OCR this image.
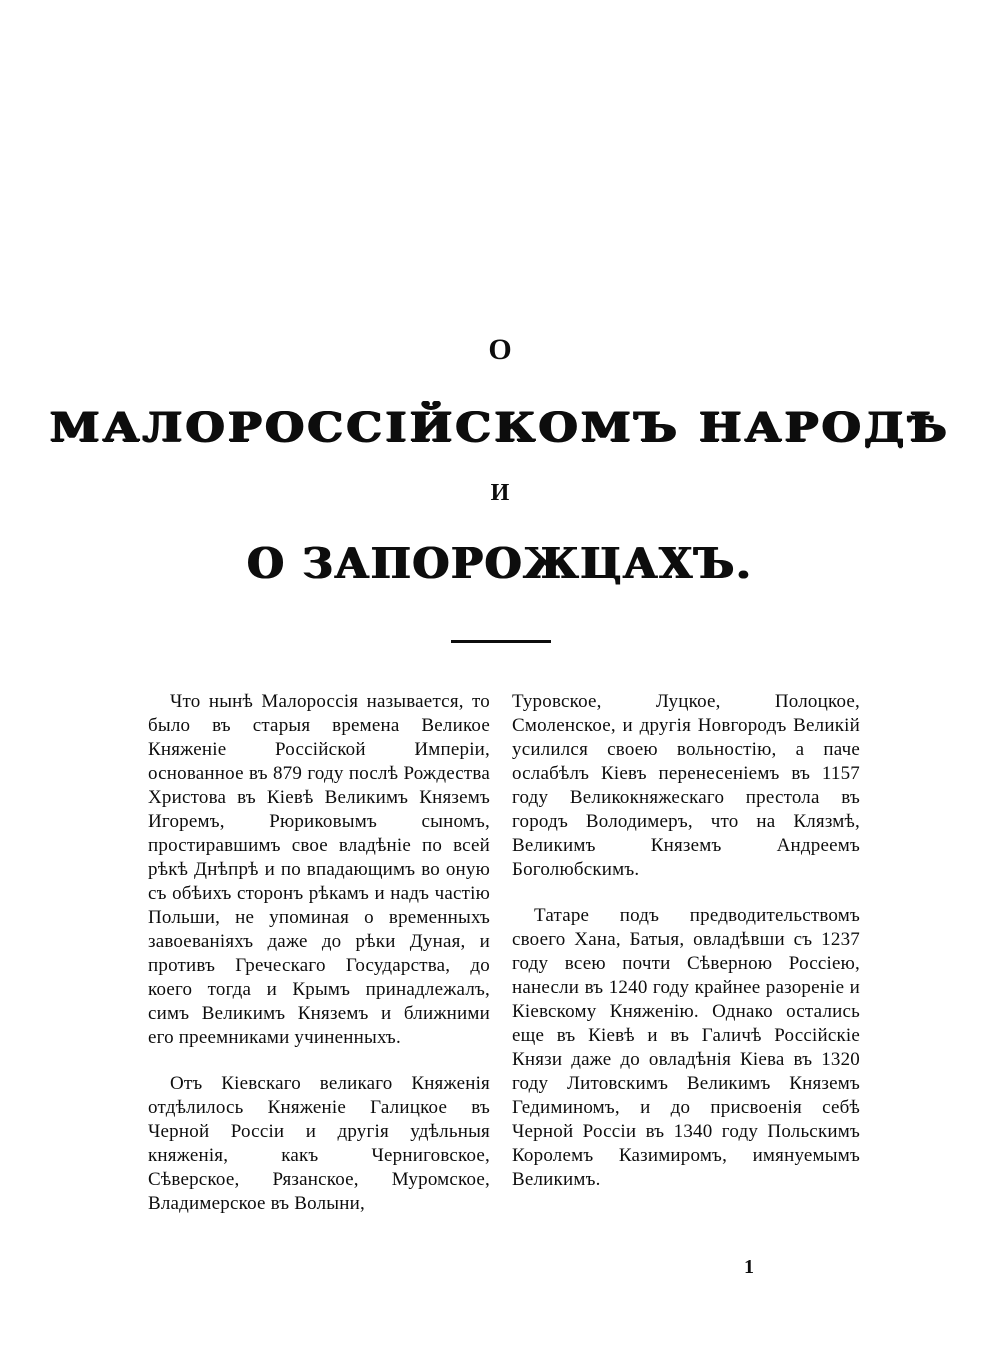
О
МАЛОРОССІЙСКОМЪ НАРОДѢ
И
О ЗАПОРОЖЦАХЪ.

Что нынѣ Малороссія называется, то было въ старыя времена Великое Княженіе Россійской Имперіи, основанное въ 879 году послѣ Рождества Христова въ Кіевѣ Великимъ Княземъ Игоремъ, Рюриковымъ сыномъ, простиравшимъ свое владѣніе по всей рѣкѣ Днѣпрѣ и по впадающимъ во оную съ обѣихъ сторонъ рѣкамъ и надъ частію Польши, не упоминая о временныхъ завоеваніяхъ даже до рѣки Дуная, и противъ Греческаго Государства, до коего тогда и Крымъ принадлежалъ, симъ Великимъ Княземъ и ближними его преемниками учиненныхъ.

Отъ Кіевскаго великаго Княженія отдѣлилось Княженіе Галицкое въ Черной Россіи и другія удѣльныя княженія, какъ Черниговское, Сѣверское, Рязанское, Муромское, Владимерское въ Волыни,

Туровское, Луцкое, Полоцкое, Смоленское, и другія Новгородъ Великій усилился своею вольностію, а паче ослабѣлъ Кіевъ перенесеніемъ въ 1157 году Великокняжескаго престола въ городъ Володимеръ, что на Клязмѣ, Великимъ Княземъ Андреемъ Боголюбскимъ.

Татаре подъ предводительствомъ своего Хана, Батыя, овладѣвши съ 1237 году всею почти Сѣверною Россіею, нанесли въ 1240 году крайнее разореніе и Кіевскому Княженію. Однако остались еще въ Кіевѣ и въ Галичѣ Россійскіе Князи даже до овладѣнія Кіева въ 1320 году Литовскимъ Великимъ Княземъ Гедиминомъ, и до присвоенія себѣ Черной Россіи въ 1340 году Польскимъ Королемъ Казимиромъ, имянуемымъ Великимъ.

1
